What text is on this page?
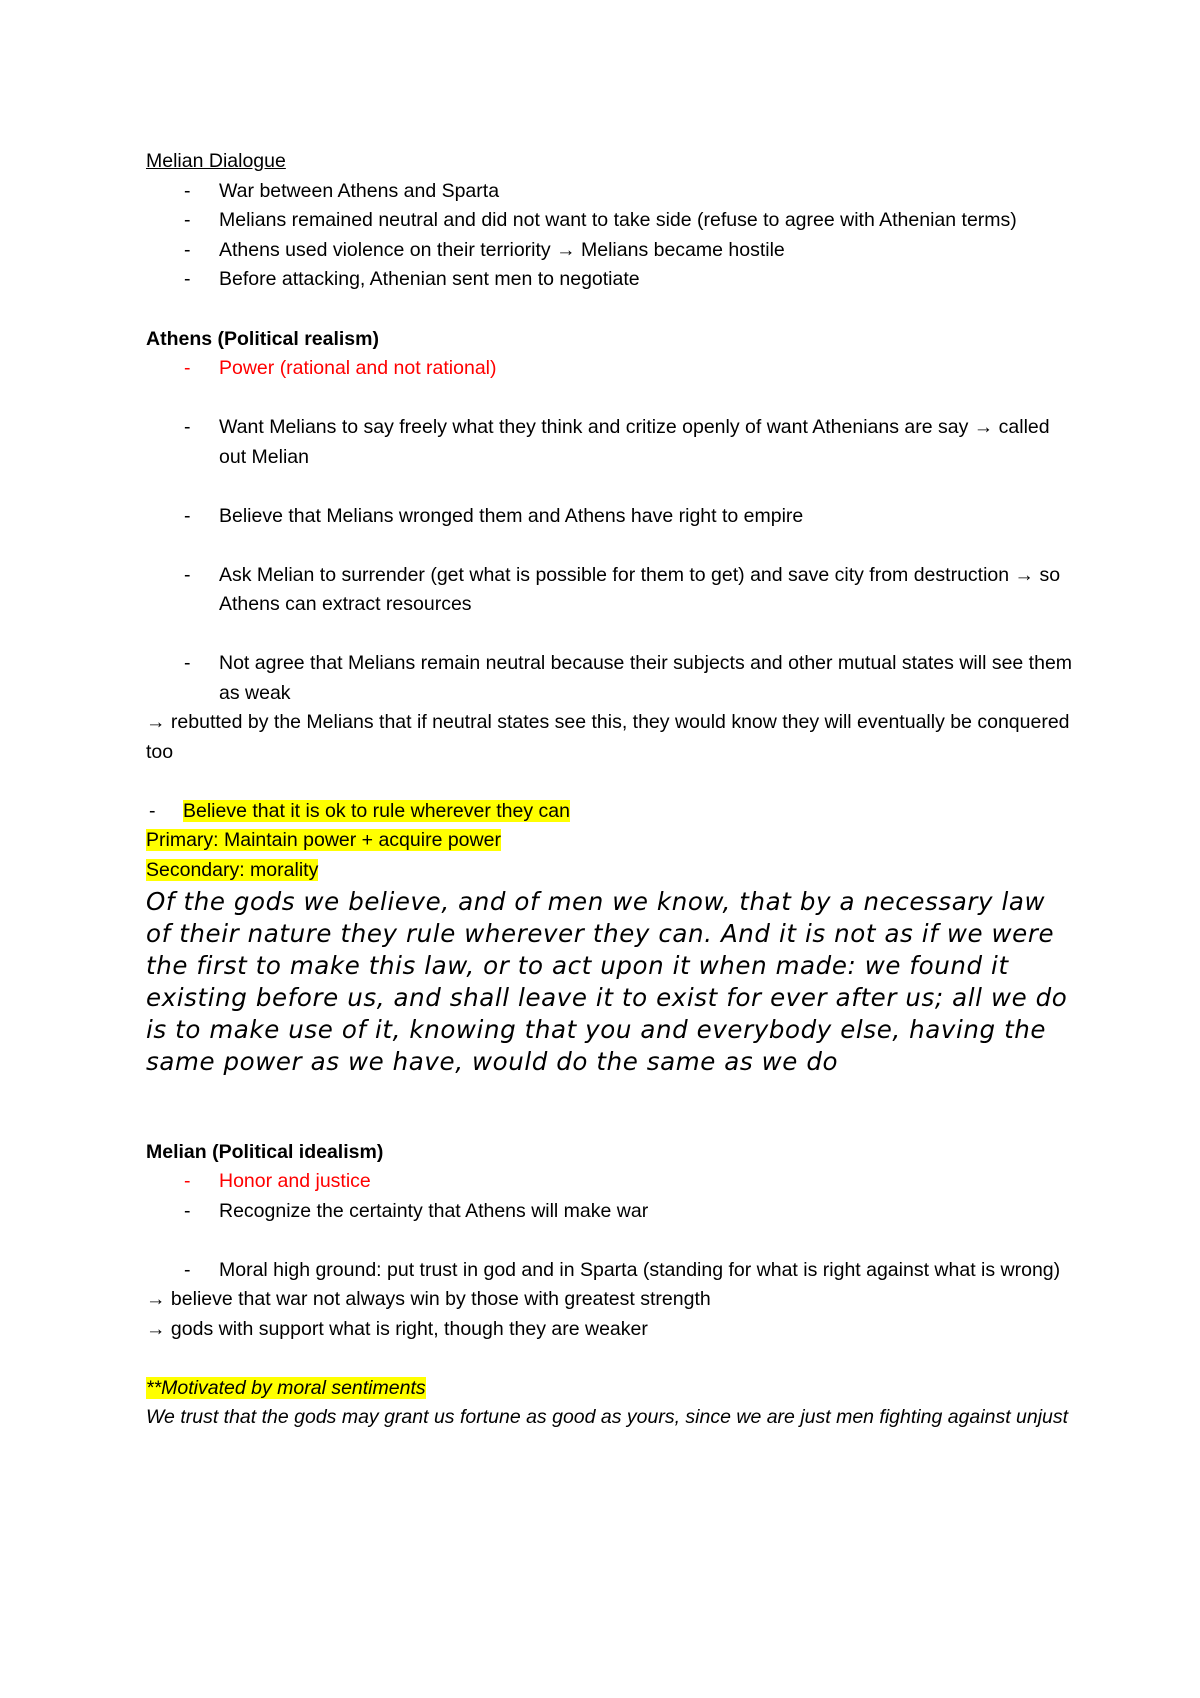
Melian Dialogue
- War between Athens and Sparta
- Melians remained neutral and did not want to take side (refuse to agree with Athenian terms)
- Athens used violence on their terriority → Melians became hostile
- Before attacking, Athenian sent men to negotiate
Athens (Political realism)
- Power (rational and not rational)
- Want Melians to say freely what they think and critize openly of want Athenians are say → called out Melian
- Believe that Melians wronged them and Athens have right to empire
- Ask Melian to surrender (get what is possible for them to get) and save city from destruction → so Athens can extract resources
- Not agree that Melians remain neutral because their subjects and other mutual states will see them as weak
→ rebutted by the Melians that if neutral states see this, they would know they will eventually be conquered too
- Believe that it is ok to rule wherever they can
Primary: Maintain power + acquire power
Secondary: morality
Of the gods we believe, and of men we know, that by a necessary law of their nature they rule wherever they can. And it is not as if we were the first to make this law, or to act upon it when made: we found it existing before us, and shall leave it to exist for ever after us; all we do is to make use of it, knowing that you and everybody else, having the same power as we have, would do the same as we do
Melian (Political idealism)
- Honor and justice
- Recognize the certainty that Athens will make war
- Moral high ground: put trust in god and in Sparta (standing for what is right against what is wrong)
→ believe that war not always win by those with greatest strength
→ gods with support what is right, though they are weaker
**Motivated by moral sentiments
We trust that the gods may grant us fortune as good as yours, since we are just men fighting against unjust
